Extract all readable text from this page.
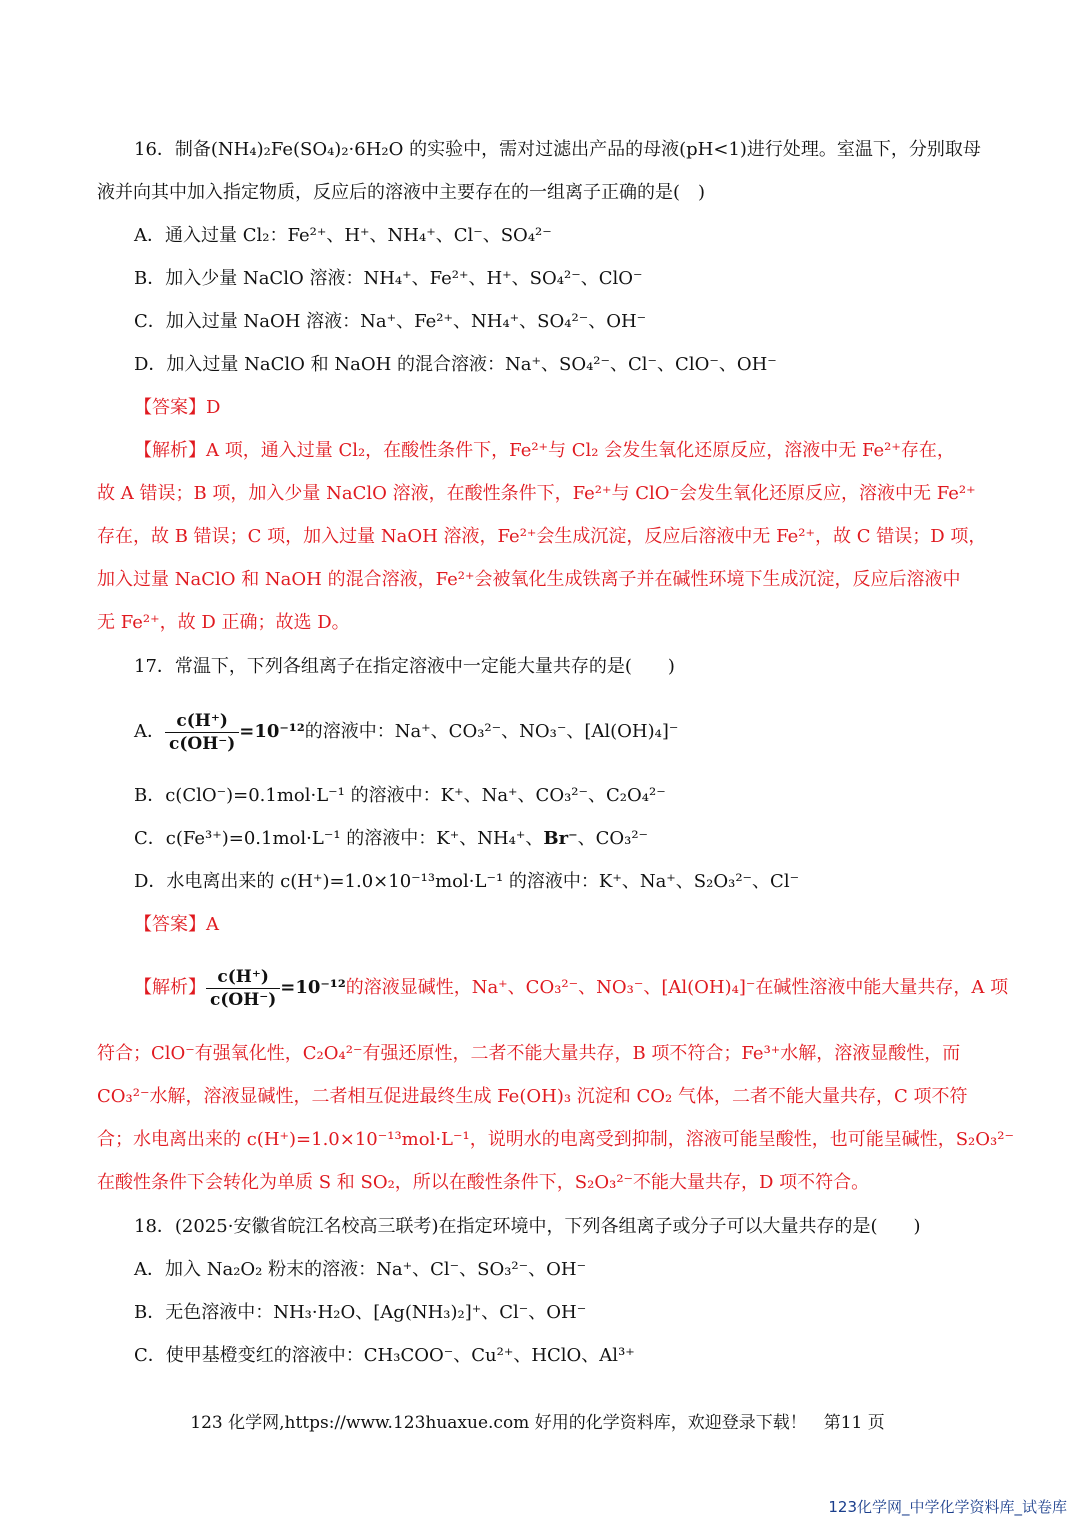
16．制备(NH₄)₂Fe(SO₄)₂·6H₂O 的实验中，需对过滤出产品的母液(pH<1)进行处理。室温下，分别取母
液并向其中加入指定物质，反应后的溶液中主要存在的一组离子正确的是(　)
A．通入过量 Cl₂：Fe²⁺、H⁺、NH₄⁺、Cl⁻、SO₄²⁻
B．加入少量 NaClO 溶液：NH₄⁺、Fe²⁺、H⁺、SO₄²⁻、ClO⁻
C．加入过量 NaOH 溶液：Na⁺、Fe²⁺、NH₄⁺、SO₄²⁻、OH⁻
D．加入过量 NaClO 和 NaOH 的混合溶液：Na⁺、SO₄²⁻、Cl⁻、ClO⁻、OH⁻
【答案】D
【解析】A 项，通入过量 Cl₂，在酸性条件下，Fe²⁺与 Cl₂ 会发生氧化还原反应，溶液中无 Fe²⁺存在，
故 A 错误；B 项，加入少量 NaClO 溶液，在酸性条件下，Fe²⁺与 ClO⁻会发生氧化还原反应，溶液中无 Fe²⁺
存在，故 B 错误；C 项，加入过量 NaOH 溶液，Fe²⁺会生成沉淀，反应后溶液中无 Fe²⁺，故 C 错误；D 项，
加入过量 NaClO 和 NaOH 的混合溶液，Fe²⁺会被氧化生成铁离子并在碱性环境下生成沉淀，反应后溶液中
无 Fe²⁺，故 D 正确；故选 D。
17．常温下，下列各组离子在指定溶液中一定能大量共存的是(　　)
A． $\frac{c(H^+)}{c(OH^-)} =10^{-12}$的溶液中：Na⁺、CO₃²⁻、NO₃⁻、[Al(OH)₄]⁻
B．c(ClO⁻)=0.1mol·L⁻¹ 的溶液中：K⁺、Na⁺、CO₃²⁻、C₂O₄²⁻
C．c(Fe³⁺)=0.1mol·L⁻¹ 的溶液中：K⁺、NH₄⁺、Br⁻、CO₃²⁻
D．水电离出来的 c(H⁺)=1.0×10⁻¹³mol·L⁻¹ 的溶液中：K⁺、Na⁺、S₂O₃²⁻、Cl⁻
【答案】A
【解析】 $\frac{c(H^+)}{c(OH^-)} =10^{-12}$的溶液显碱性，Na⁺、CO₃²⁻、NO₃⁻、[Al(OH)₄]⁻在碱性溶液中能大量共存，A 项
符合；ClO⁻有强氧化性，C₂O₄²⁻有强还原性，二者不能大量共存，B 项不符合；Fe³⁺水解，溶液显酸性，而
CO₃²⁻水解，溶液显碱性，二者相互促进最终生成 Fe(OH)₃ 沉淀和 CO₂ 气体，二者不能大量共存，C 项不符
合；水电离出来的 c(H⁺)=1.0×10⁻¹³mol·L⁻¹，说明水的电离受到抑制，溶液可能呈酸性，也可能呈碱性，S₂O₃²⁻
在酸性条件下会转化为单质 S 和 SO₂，所以在酸性条件下，S₂O₃²⁻不能大量共存，D 项不符合。
18．(2025·安徽省皖江名校高三联考)在指定环境中，下列各组离子或分子可以大量共存的是(　　)
A．加入 Na₂O₂ 粉末的溶液：Na⁺、Cl⁻、SO₃²⁻、OH⁻
B．无色溶液中：NH₃·H₂O、[Ag(NH₃)₂]⁺、Cl⁻、OH⁻
C．使甲基橙变红的溶液中：CH₃COO⁻、Cu²⁺、HClO、Al³⁺
123 化学网,https://www.123huaxue.com 好用的化学资料库，欢迎登录下载！　第11 页
123化学网_中学化学资料库_试卷库
